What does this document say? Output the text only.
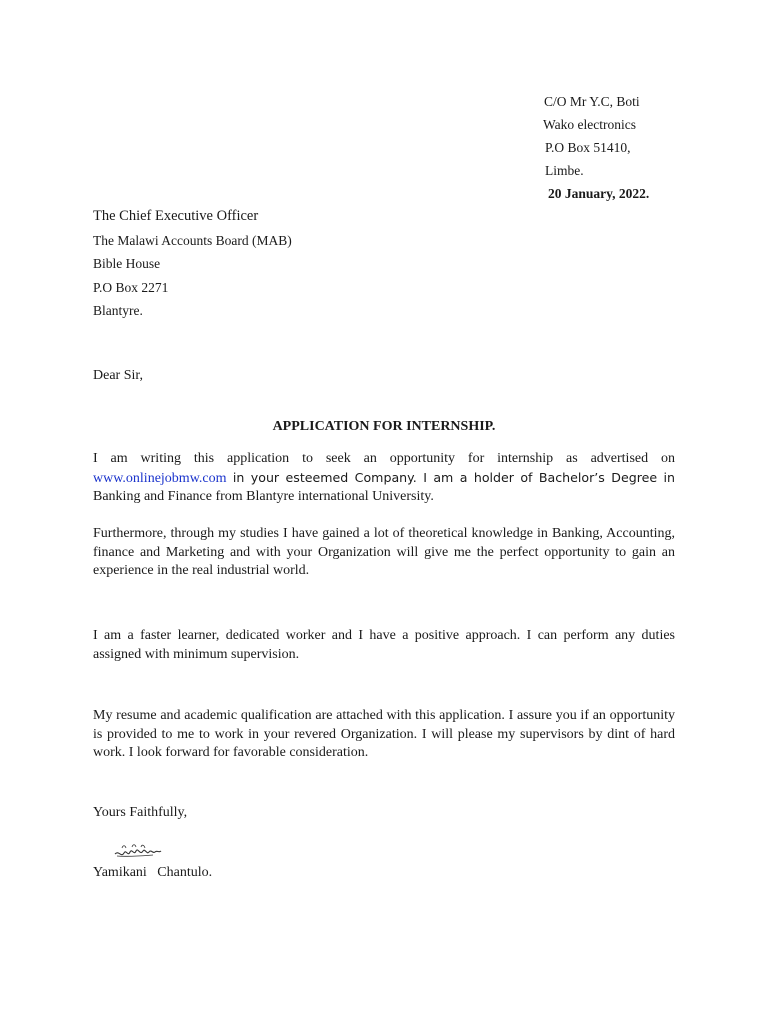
C/O Mr Y.C, Boti
Wako electronics
P.O Box 51410,
Limbe.
20 January, 2022.
The Chief Executive Officer
The Malawi Accounts Board (MAB)
Bible House
P.O Box 2271
Blantyre.
Dear Sir,
APPLICATION FOR INTERNSHIP.
I am writing this application to seek an opportunity for internship as advertised on www.onlinejobmw.com in your esteemed Company. I am a holder of Bachelor’s Degree in Banking and Finance from Blantyre international University.
Furthermore, through my studies I have gained a lot of theoretical knowledge in Banking, Accounting, finance and Marketing and with your Organization will give me the perfect opportunity to gain an experience in the real industrial world.
I am a faster learner, dedicated worker and I have a positive approach. I can perform any duties assigned with minimum supervision.
My resume and academic qualification are attached with this application. I assure you if an opportunity is provided to me to work in your revered Organization. I will please my supervisors by dint of hard work. I look forward for favorable consideration.
Yours Faithfully,
Yamikani   Chantulo.
